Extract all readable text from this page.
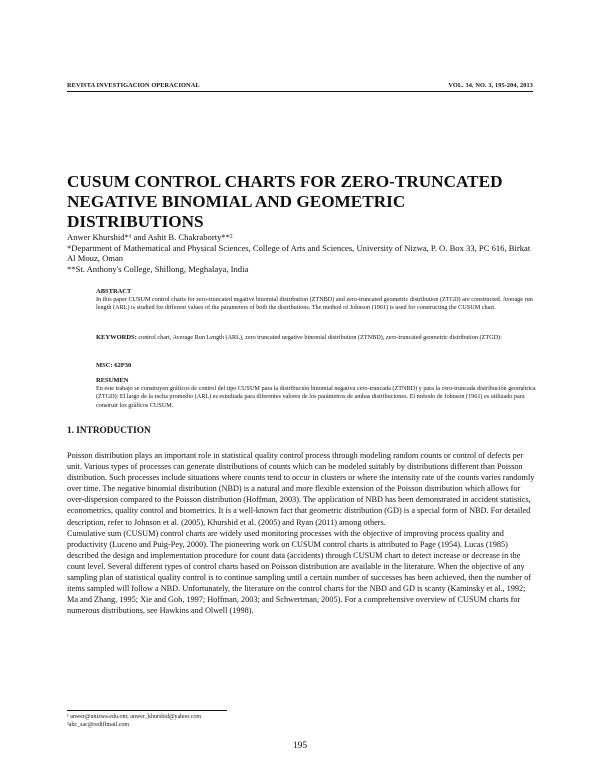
REVISTA INVESTIGACION OPERACIONAL	VOL. 34, NO. 3, 195-204, 2013
CUSUM CONTROL CHARTS FOR ZERO-TRUNCATED NEGATIVE BINOMIAL AND GEOMETRIC DISTRIBUTIONS
Anwer Khurshid*¹ and Ashit B. Chakraborty**²
*Department of Mathematical and Physical Sciences, College of Arts and Sciences, University of Nizwa, P. O. Box 33, PC 616, Birkat Al Mouz, Oman
**St. Anthony's College, Shillong, Meghalaya, India
ABSTRACT

In this paper CUSUM control charts for zero-truncated negative binomial distribution (ZTNBD) and zero-truncated geometric distribution (ZTGD) are constructed. Average run length (ARL) is studied for different values of the parameters of both the distributions. The method of Johnson (1961) is used for constructing the CUSUM chart.

KEYWORDS: control chart, Average Run Length (ARL), zero truncated negative binomial distribution (ZTNBD), zero-truncated geometric distribution (ZTGD):
MSC: 62P30
RESUMEN

En este trabajo se construyen gráficos de control del tipo CUSUM para la distribución binomial negativa cero-truncada (ZTNBD) y para la cero-truncada distribución geométrica (ZTGD): El largo de la racha promedio (ARL) es estudiada para diferentes valores de los parámetros de ambas distribuciones. El método de Johnson (1961) es utilizado para construir los gráficos CUSUM.

1. INTRODUCTION

Poisson distribution plays an important role in statistical quality control process through modeling random counts or control of defects per unit. Various types of processes can generate distributions of counts which can be modeled suitably by distributions different than Poisson distribution. Such processes include situations where counts tend to occur in clusters or where the intensity rate of the counts varies randomly over time. The negative binomial distribution (NBD) is a natural and more flexible extension of the Poisson distribution which allows for over-dispersion compared to the Poisson distribution (Hoffman, 2003). The application of NBD has been demonstrated in accident statistics, econometrics, quality control and biometrics. It is a well-known fact that geometric distribution (GD) is a special form of NBD. For detailed description, refer to Johnson et al. (2005), Khurshid et al. (2005) and Ryan (2011) among others.

Cumulative sum (CUSUM) control charts are widely used monitoring processes with the objective of improving process quality and productivity (Luceno and Puig-Pey, 2000). The pioneering work on CUSUM control charts is attributed to Page (1954). Lucas (1985) described the design and implementation procedure for count data (accidents) through CUSUM chart to detect increase or decrease in the count level. Several different types of control charts based on Poisson distribution are available in the literature. When the objective of any sampling plan of statistical quality control is to continue sampling until a certain number of successes has been achieved, then the number of items sampled will follow a NBD. Unfortunately, the literature on the control charts for the NBD and GD is scanty (Kaminsky et al., 1992; Ma and Zhang, 1995; Xie and Goh, 1997; Hoffman, 2003; and Schwertman, 2005). For a comprehensive overview of CUSUM charts for numerous distributions, see Hawkins and Olwell (1998).

¹ anwer@unizwa.edu.om; anwer_khurshid@yahoo.com
²abc_sac@rediffmail.com
195
